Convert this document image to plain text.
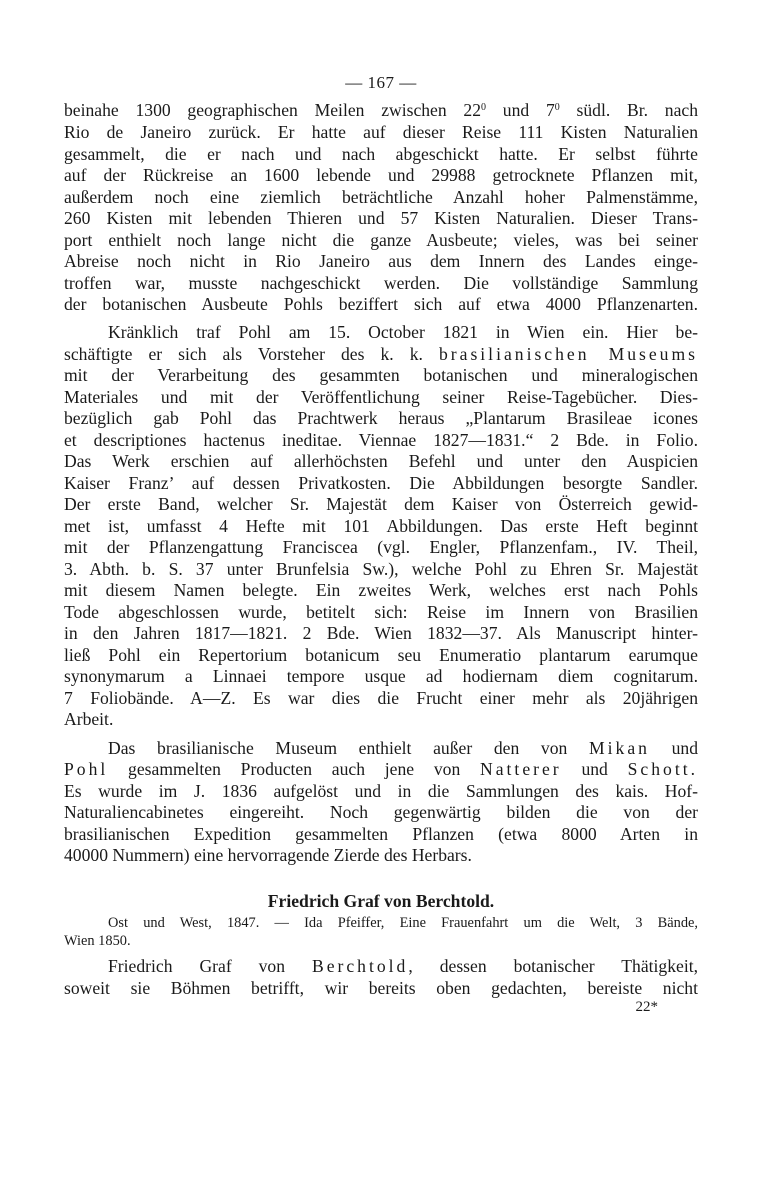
— 167 —
beinahe 1300 geographischen Meilen zwischen $22^0$ und $7^0$ südl. Br. nach
Rio de Janeiro zurück. Er hatte auf dieser Reise 111 Kisten Naturalien
gesammelt, die er nach und nach abgeschickt hatte. Er selbst führte
auf der Rückreise an 1600 lebende und 29988 getrocknete Pflanzen mit,
außerdem noch eine ziemlich beträchtliche Anzahl hoher Palmenstämme,
260 Kisten mit lebenden Thieren und 57 Kisten Naturalien. Dieser Trans-
port enthielt noch lange nicht die ganze Ausbeute; vieles, was bei seiner
Abreise noch nicht in Rio Janeiro aus dem Innern des Landes einge-
troffen war, musste nachgeschickt werden. Die vollständige Sammlung
der botanischen Ausbeute Pohls beziffert sich auf etwa 4000 Pflanzenarten.
Kränklich traf Pohl am 15. October 1821 in Wien ein. Hier be-
schäftigte er sich als Vorsteher des k. k. brasilianischen Museums
mit der Verarbeitung des gesammten botanischen und mineralogischen
Materiales und mit der Veröffentlichung seiner Reise-Tagebücher. Dies-
bezüglich gab Pohl das Prachtwerk heraus „Plantarum Brasileae icones
et descriptiones hactenus ineditae. Viennae 1827—1831.“ 2 Bde. in Folio.
Das Werk erschien auf allerhöchsten Befehl und unter den Auspicien
Kaiser Franz’ auf dessen Privatkosten. Die Abbildungen besorgte Sandler.
Der erste Band, welcher Sr. Majestät dem Kaiser von Österreich gewid-
met ist, umfasst 4 Hefte mit 101 Abbildungen. Das erste Heft beginnt
mit der Pflanzengattung Franciscea (vgl. Engler, Pflanzenfam., IV. Theil,
3. Abth. b. S. 37 unter Brunfelsia Sw.), welche Pohl zu Ehren Sr. Majestät
mit diesem Namen belegte. Ein zweites Werk, welches erst nach Pohls
Tode abgeschlossen wurde, betitelt sich: Reise im Innern von Brasilien
in den Jahren 1817—1821. 2 Bde. Wien 1832—37. Als Manuscript hinter-
ließ Pohl ein Repertorium botanicum seu Enumeratio plantarum earumque
synonymarum a Linnaei tempore usque ad hodiernam diem cognitarum.
7 Foliobände. A—Z. Es war dies die Frucht einer mehr als 20jährigen
Arbeit.
Das brasilianische Museum enthielt außer den von Mikan und
Pohl gesammelten Producten auch jene von Natterer und Schott.
Es wurde im J. 1836 aufgelöst und in die Sammlungen des kais. Hof-
Naturaliencabinetes eingereiht. Noch gegenwärtig bilden die von der
brasilianischen Expedition gesammelten Pflanzen (etwa 8000 Arten in
40000 Nummern) eine hervorragende Zierde des Herbars.
Friedrich Graf von Berchtold.
Ost und West, 1847. — Ida Pfeiffer, Eine Frauenfahrt um die Welt, 3 Bände,
Wien 1850.
Friedrich Graf von Berchtold, dessen botanischer Thätigkeit,
soweit sie Böhmen betrifft, wir bereits oben gedachten, bereiste nicht
22*
